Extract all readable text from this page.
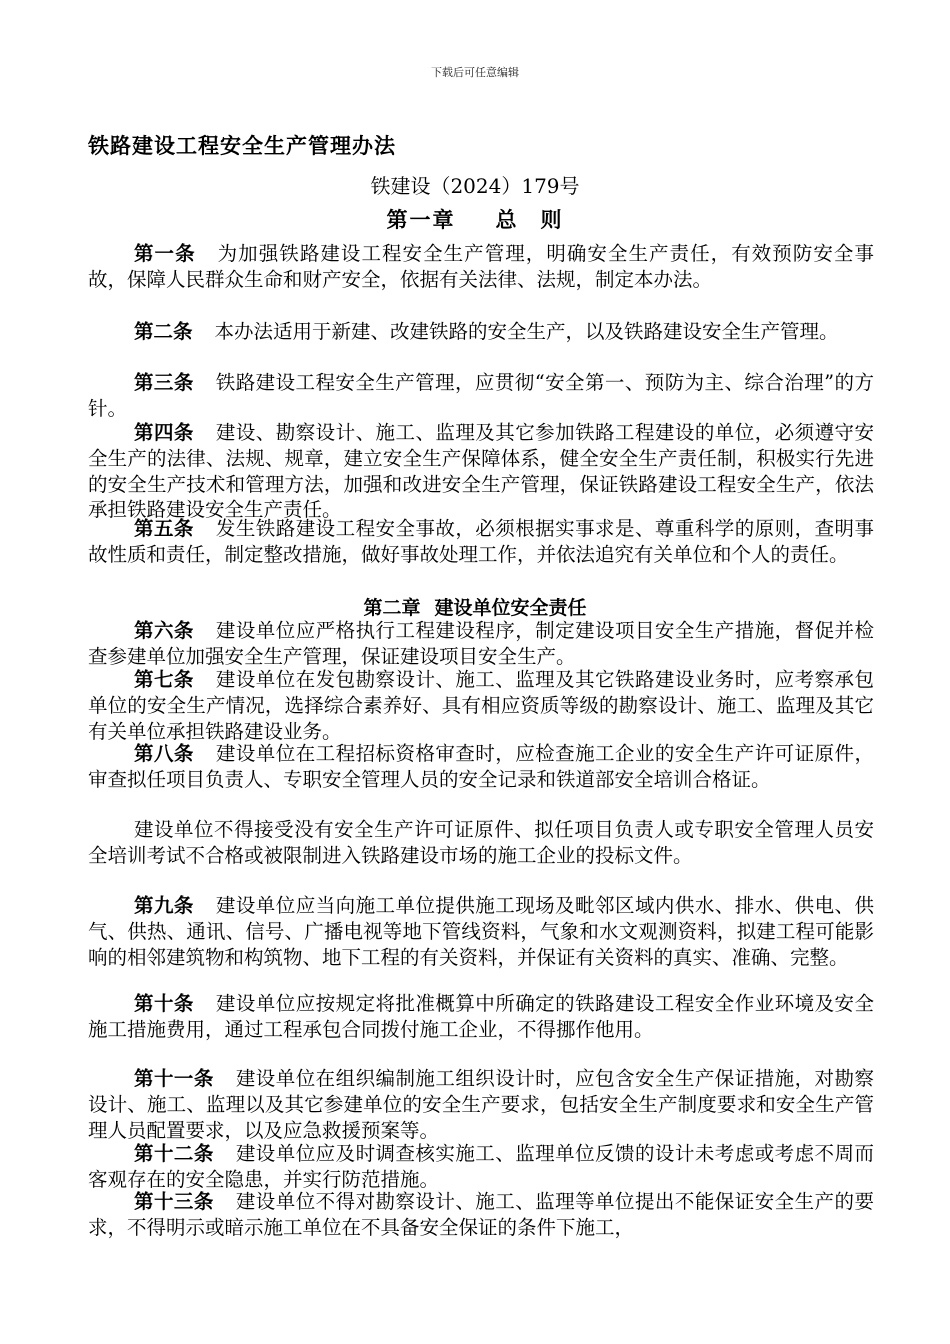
下载后可任意编辑
铁路建设工程安全生产管理办法
铁建设（2024）179号
第一章 总 则

第一条 为加强铁路建设工程安全生产管理，明确安全生产责任，有效预防安全事故，保障人民群众生命和财产安全，依据有关法律、法规，制定本办法。

第二条 本办法适用于新建、改建铁路的安全生产，以及铁路建设安全生产管理。

第三条 铁路建设工程安全生产管理，应贯彻“安全第一、预防为主、综合治理”的方针。

第四条 建设、勘察设计、施工、监理及其它参加铁路工程建设的单位，必须遵守安全生产的法律、法规、规章，建立安全生产保障体系，健全安全生产责任制，积极实行先进的安全生产技术和管理方法，加强和改进安全生产管理，保证铁路建设工程安全生产，依法承担铁路建设安全生产责任。

第五条 发生铁路建设工程安全事故，必须根据实事求是、尊重科学的原则，查明事故性质和责任，制定整改措施，做好事故处理工作，并依法追究有关单位和个人的责任。

第二章 建设单位安全责任

第六条 建设单位应严格执行工程建设程序，制定建设项目安全生产措施，督促并检查参建单位加强安全生产管理，保证建设项目安全生产。

第七条 建设单位在发包勘察设计、施工、监理及其它铁路建设业务时，应考察承包单位的安全生产情况，选择综合素养好、具有相应资质等级的勘察设计、施工、监理及其它有关单位承担铁路建设业务。

第八条 建设单位在工程招标资格审查时，应检查施工企业的安全生产许可证原件，审查拟任项目负责人、专职安全管理人员的安全记录和铁道部安全培训合格证。

建设单位不得接受没有安全生产许可证原件、拟任项目负责人或专职安全管理人员安全培训考试不合格或被限制进入铁路建设市场的施工企业的投标文件。

第九条 建设单位应当向施工单位提供施工现场及毗邻区域内供水、排水、供电、供气、供热、通讯、信号、广播电视等地下管线资料，气象和水文观测资料，拟建工程可能影响的相邻建筑物和构筑物、地下工程的有关资料，并保证有关资料的真实、准确、完整。

第十条 建设单位应按规定将批准概算中所确定的铁路建设工程安全作业环境及安全施工措施费用，通过工程承包合同拨付施工企业，不得挪作他用。

第十一条 建设单位在组织编制施工组织设计时，应包含安全生产保证措施，对勘察设计、施工、监理以及其它参建单位的安全生产要求，包括安全生产制度要求和安全生产管理人员配置要求，以及应急救援预案等。

第十二条 建设单位应及时调查核实施工、监理单位反馈的设计未考虑或考虑不周而客观存在的安全隐患，并实行防范措施。

第十三条 建设单位不得对勘察设计、施工、监理等单位提出不能保证安全生产的要求，不得明示或暗示施工单位在不具备安全保证的条件下施工，
